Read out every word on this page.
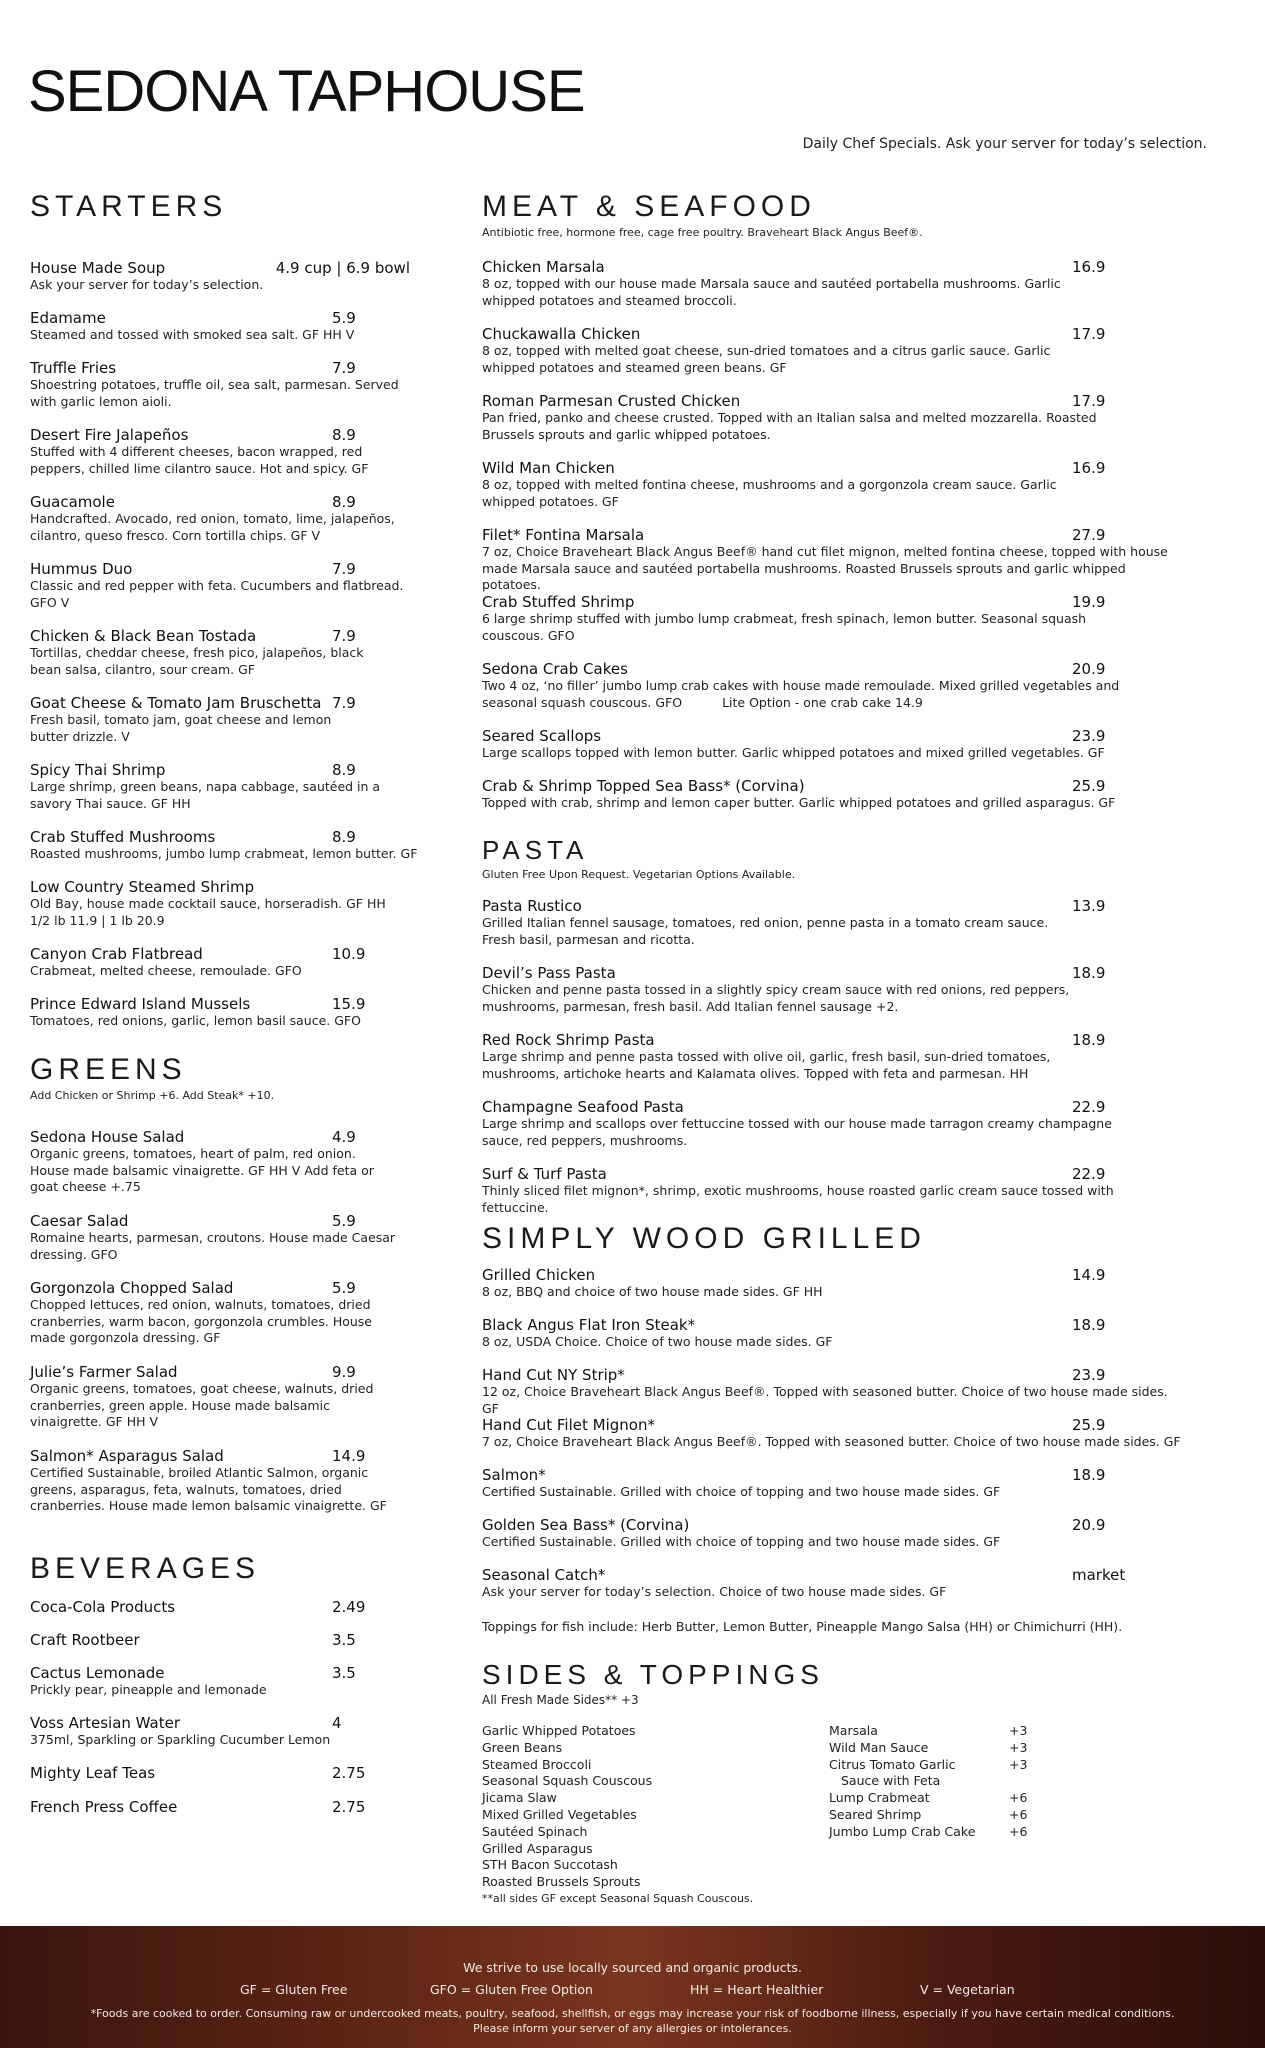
SEDONA TAPHOUSE
Daily Chef Specials. Ask your server for today’s selection.
STARTERS
House Made Soup	4.9 cup | 6.9 bowl
Ask your server for today’s selection.
Edamame	5.9
Steamed and tossed with smoked sea salt. GF HH V
Truffle Fries	7.9
Shoestring potatoes, truffle oil, sea salt, parmesan. Served with garlic lemon aioli.
Desert Fire Jalapeños	8.9
Stuffed with 4 different cheeses, bacon wrapped, red peppers, chilled lime cilantro sauce. Hot and spicy. GF
Guacamole	8.9
Handcrafted. Avocado, red onion, tomato, lime, jalapeños, cilantro, queso fresco. Corn tortilla chips. GF V
Hummus Duo	7.9
Classic and red pepper with feta. Cucumbers and flatbread. GFO V
Chicken & Black Bean Tostada	7.9
Tortillas, cheddar cheese, fresh pico, jalapeños, black bean salsa, cilantro, sour cream. GF
Goat Cheese & Tomato Jam Bruschetta 7.9
Fresh basil, tomato jam, goat cheese and lemon butter drizzle. V
Spicy Thai Shrimp	8.9
Large shrimp, green beans, napa cabbage, sautéed in a savory Thai sauce. GF HH
Crab Stuffed Mushrooms	8.9
Roasted mushrooms, jumbo lump crabmeat, lemon butter. GF
Low Country Steamed Shrimp
Old Bay, house made cocktail sauce, horseradish. GF HH 1/2 lb 11.9 | 1 lb 20.9
Canyon Crab Flatbread	10.9
Crabmeat, melted cheese, remoulade. GFO
Prince Edward Island Mussels	15.9
Tomatoes, red onions, garlic, lemon basil sauce. GFO
GREENS
Add Chicken or Shrimp +6. Add Steak* +10.
Sedona House Salad	4.9
Organic greens, tomatoes, heart of palm, red onion. House made balsamic vinaigrette. GF HH V Add feta or goat cheese +.75
Caesar Salad	5.9
Romaine hearts, parmesan, croutons. House made Caesar dressing. GFO
Gorgonzola Chopped Salad	5.9
Chopped lettuces, red onion, walnuts, tomatoes, dried cranberries, warm bacon, gorgonzola crumbles. House made gorgonzola dressing. GF
Julie’s Farmer Salad	9.9
Organic greens, tomatoes, goat cheese, walnuts, dried cranberries, green apple. House made balsamic vinaigrette. GF HH V
Salmon* Asparagus Salad	14.9
Certified Sustainable, broiled Atlantic Salmon, organic greens, asparagus, feta, walnuts, tomatoes, dried cranberries. House made lemon balsamic vinaigrette. GF
BEVERAGES
Coca-Cola Products	2.49
Craft Rootbeer	3.5
Cactus Lemonade	3.5
Prickly pear, pineapple and lemonade
Voss Artesian Water	4
375ml, Sparkling or Sparkling Cucumber Lemon
Mighty Leaf Teas	2.75
French Press Coffee	2.75
MEAT & SEAFOOD
Antibiotic free, hormone free, cage free poultry. Braveheart Black Angus Beef®.
Chicken Marsala	16.9
8 oz, topped with our house made Marsala sauce and sautéed portabella mushrooms. Garlic whipped potatoes and steamed broccoli.
Chuckawalla Chicken	17.9
8 oz, topped with melted goat cheese, sun-dried tomatoes and a citrus garlic sauce. Garlic whipped potatoes and steamed green beans. GF
Roman Parmesan Crusted Chicken	17.9
Pan fried, panko and cheese crusted. Topped with an Italian salsa and melted mozzarella. Roasted Brussels sprouts and garlic whipped potatoes.
Wild Man Chicken	16.9
8 oz, topped with melted fontina cheese, mushrooms and a gorgonzola cream sauce. Garlic whipped potatoes. GF
Filet* Fontina Marsala	27.9
7 oz, Choice Braveheart Black Angus Beef® hand cut filet mignon, melted fontina cheese, topped with house made Marsala sauce and sautéed portabella mushrooms. Roasted Brussels sprouts and garlic whipped potatoes.
Crab Stuffed Shrimp	19.9
6 large shrimp stuffed with jumbo lump crabmeat, fresh spinach, lemon butter. Seasonal squash couscous. GFO
Sedona Crab Cakes	20.9
Two 4 oz, ‘no filler’ jumbo lump crab cakes with house made remoulade. Mixed grilled vegetables and seasonal squash couscous. GFO	Lite Option - one crab cake 14.9
Seared Scallops	23.9
Large scallops topped with lemon butter. Garlic whipped potatoes and mixed grilled vegetables. GF
Crab & Shrimp Topped Sea Bass* (Corvina)	25.9
Topped with crab, shrimp and lemon caper butter. Garlic whipped potatoes and grilled asparagus. GF
PASTA
Gluten Free Upon Request. Vegetarian Options Available.
Pasta Rustico	13.9
Grilled Italian fennel sausage, tomatoes, red onion, penne pasta in a tomato cream sauce. Fresh basil, parmesan and ricotta.
Devil’s Pass Pasta	18.9
Chicken and penne pasta tossed in a slightly spicy cream sauce with red onions, red peppers, mushrooms, parmesan, fresh basil. Add Italian fennel sausage +2.
Red Rock Shrimp Pasta	18.9
Large shrimp and penne pasta tossed with olive oil, garlic, fresh basil, sun-dried tomatoes, mushrooms, artichoke hearts and Kalamata olives. Topped with feta and parmesan. HH
Champagne Seafood Pasta	22.9
Large shrimp and scallops over fettuccine tossed with our house made tarragon creamy champagne sauce, red peppers, mushrooms.
Surf & Turf Pasta	22.9
Thinly sliced filet mignon*, shrimp, exotic mushrooms, house roasted garlic cream sauce tossed with fettuccine.
SIMPLY WOOD GRILLED
Grilled Chicken	14.9
8 oz, BBQ and choice of two house made sides. GF HH
Black Angus Flat Iron Steak*	18.9
8 oz, USDA Choice. Choice of two house made sides. GF
Hand Cut NY Strip*	23.9
12 oz, Choice Braveheart Black Angus Beef®. Topped with seasoned butter. Choice of two house made sides. GF
Hand Cut Filet Mignon*	25.9
7 oz, Choice Braveheart Black Angus Beef®. Topped with seasoned butter. Choice of two house made sides. GF
Salmon*	18.9
Certified Sustainable. Grilled with choice of topping and two house made sides. GF
Golden Sea Bass* (Corvina)	20.9
Certified Sustainable. Grilled with choice of topping and two house made sides. GF
Seasonal Catch*	market
Ask your server for today’s selection. Choice of two house made sides. GF
Toppings for fish include: Herb Butter, Lemon Butter, Pineapple Mango Salsa (HH) or Chimichurri (HH).
SIDES & TOPPINGS
All Fresh Made Sides** +3
Garlic Whipped Potatoes
Green Beans
Steamed Broccoli
Seasonal Squash Couscous
Jicama Slaw
Mixed Grilled Vegetables
Sautéed Spinach
Grilled Asparagus
STH Bacon Succotash
Roasted Brussels Sprouts
**all sides GF except Seasonal Squash Couscous.
Marsala	+3
Wild Man Sauce	+3
Citrus Tomato Garlic	+3
Sauce with Feta
Lump Crabmeat	+6
Seared Shrimp	+6
Jumbo Lump Crab Cake	+6
We strive to use locally sourced and organic products.
GF = Gluten Free	GFO = Gluten Free Option	HH = Heart Healthier	V = Vegetarian
*Foods are cooked to order. Consuming raw or undercooked meats, poultry, seafood, shellfish, or eggs may increase your risk of foodborne illness, especially if you have certain medical conditions.
Please inform your server of any allergies or intolerances.
